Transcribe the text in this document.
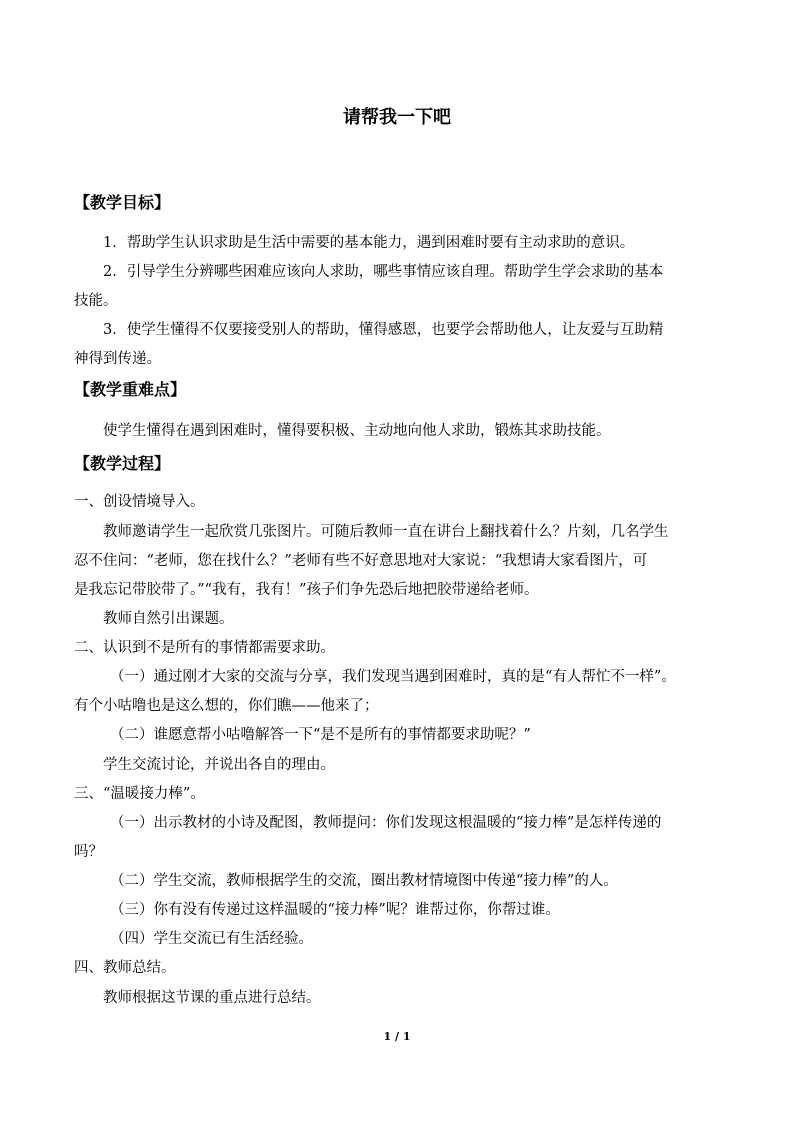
请帮我一下吧
【教学目标】
1．帮助学生认识求助是生活中需要的基本能力，遇到困难时要有主动求助的意识。
2．引导学生分辨哪些困难应该向人求助，哪些事情应该自理。帮助学生学会求助的基本
技能。
3．使学生懂得不仅要接受别人的帮助，懂得感恩，也要学会帮助他人，让友爱与互助精
神得到传递。
【教学重难点】
使学生懂得在遇到困难时，懂得要积极、主动地向他人求助，锻炼其求助技能。
【教学过程】
一、创设情境导入。
教师邀请学生一起欣赏几张图片。可随后教师一直在讲台上翻找着什么？片刻，几名学生
忍不住问：“老师，您在找什么？”老师有些不好意思地对大家说：“我想请大家看图片，可
是我忘记带胶带了。”“我有，我有！”孩子们争先恐后地把胶带递给老师。
教师自然引出课题。
二、认识到不是所有的事情都需要求助。
（一）通过刚才大家的交流与分享，我们发现当遇到困难时，真的是“有人帮忙不一样”。
有个小咕噜也是这么想的，你们瞧——他来了；
（二）谁愿意帮小咕噜解答一下“是不是所有的事情都要求助呢？”
学生交流讨论，并说出各自的理由。
三、“温暖接力棒”。
（一）出示教材的小诗及配图，教师提问：你们发现这根温暖的“接力棒”是怎样传递的
吗？
（二）学生交流，教师根据学生的交流，圈出教材情境图中传递“接力棒”的人。
（三）你有没有传递过这样温暖的“接力棒”呢？谁帮过你，你帮过谁。
（四）学生交流已有生活经验。
四、教师总结。
教师根据这节课的重点进行总结。
1 / 1
